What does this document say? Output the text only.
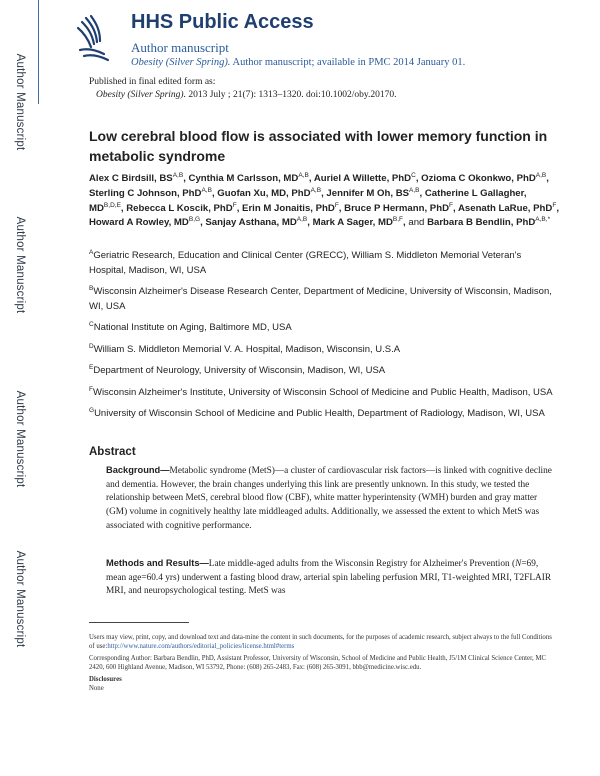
Author Manuscript
Author Manuscript
Author Manuscript
Author Manuscript
HHS Public Access
Author manuscript
Obesity (Silver Spring). Author manuscript; available in PMC 2014 January 01.
Published in final edited form as:
Obesity (Silver Spring). 2013 July ; 21(7): 1313–1320. doi:10.1002/oby.20170.
Low cerebral blood flow is associated with lower memory function in metabolic syndrome
Alex C Birdsill, $BS^{A,B}$, Cynthia M Carlsson, $MD^{A,B}$, Auriel A Willette, PhD$^C$, Ozioma C Okonkwo, PhD$^{A,B}$, Sterling C Johnson, PhD$^{A,B}$, Guofan Xu, MD, PhD$^{A,B}$, Jennifer M Oh, $BS^{A,B}$, Catherine L Gallagher, $MD^{B,D,E}$, Rebecca L Koscik, PhD$^F$, Erin M Jonaitis, PhD$^F$, Bruce P Hermann, PhD$^F$, Asenath LaRue, PhD$^F$, Howard A Rowley, $MD^{B,G}$, Sanjay Asthana, $MD^{A,B}$, Mark A Sager, $MD^{B,F}$, and Barbara B Bendlin, PhD$^{A,B,*}$
$^A$Geriatric Research, Education and Clinical Center (GRECC), William S. Middleton Memorial Veteran's Hospital, Madison, WI, USA
$^B$Wisconsin Alzheimer's Disease Research Center, Department of Medicine, University of Wisconsin, Madison, WI, USA
$^C$National Institute on Aging, Baltimore MD, USA
$^D$William S. Middleton Memorial V. A. Hospital, Madison, Wisconsin, U.S.A
$^E$Department of Neurology, University of Wisconsin, Madison, WI, USA
$^F$Wisconsin Alzheimer's Institute, University of Wisconsin School of Medicine and Public Health, Madison, USA
$^G$University of Wisconsin School of Medicine and Public Health, Department of Radiology, Madison, WI, USA
Abstract
Background—Metabolic syndrome (MetS)—a cluster of cardiovascular risk factors—is linked with cognitive decline and dementia. However, the brain changes underlying this link are presently unknown. In this study, we tested the relationship between MetS, cerebral blood flow (CBF), white matter hyperintensity (WMH) burden and gray matter (GM) volume in cognitively healthy late middleaged adults. Additionally, we assessed the extent to which MetS was associated with cognitive performance.
Methods and Results—Late middle-aged adults from the Wisconsin Registry for Alzheimer's Prevention (N=69, mean age=60.4 yrs) underwent a fasting blood draw, arterial spin labeling perfusion MRI, T1-weighted MRI, T2FLAIR MRI, and neuropsychological testing. MetS was
Users may view, print, copy, and download text and data-mine the content in such documents, for the purposes of academic research, subject always to the full Conditions of use:http://www.nature.com/authors/editorial_policies/license.html#terms
Corresponding Author: Barbara Bendlin, PhD, Assistant Professor, University of Wisconsin, School of Medicine and Public Health, J5/1M Clinical Science Center, MC 2420, 600 Highland Avenue, Madison, WI 53792, Phone: (608) 265-2483, Fax: (608) 265-3091, bbb@medicine.wisc.edu.
Disclosures
None
